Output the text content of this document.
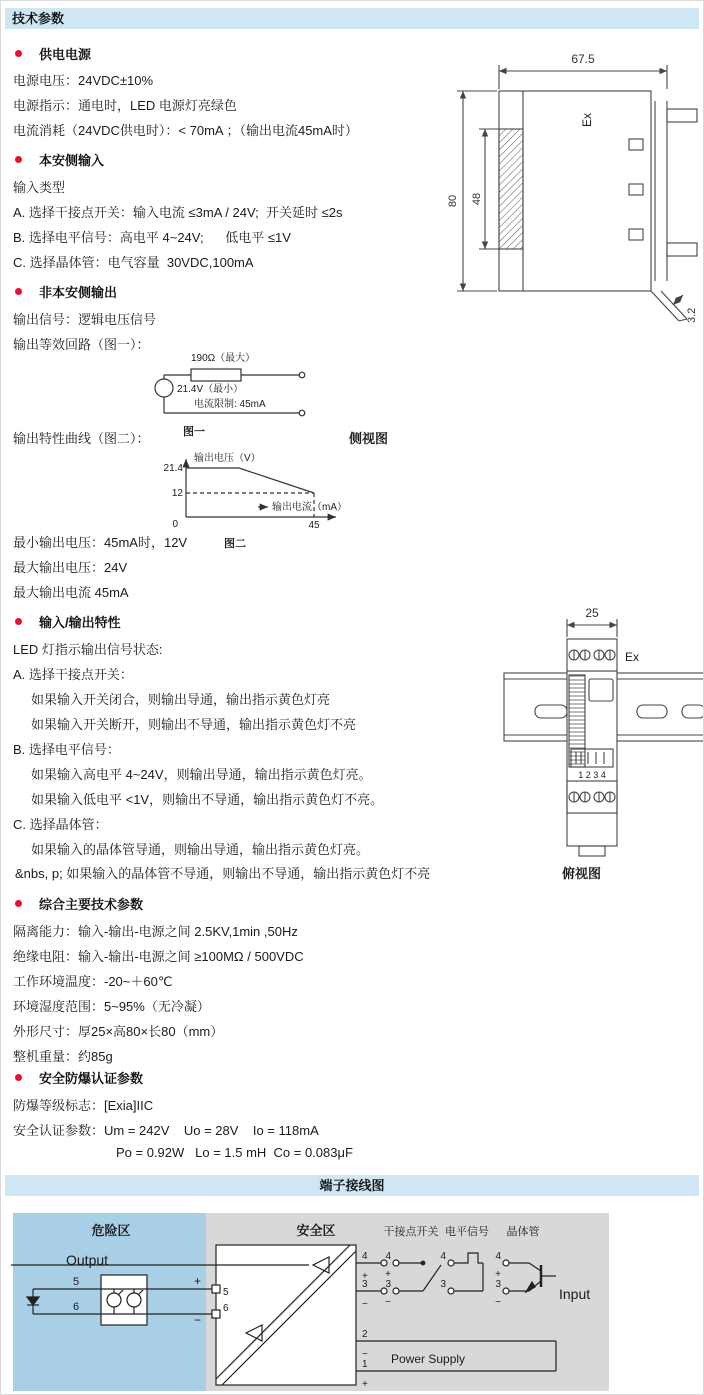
技术参数
供电电源
电源电压：24VDC±10%
电源指示：通电时，LED 电源灯亮绿色
电流消耗（24VDC供电时）：< 70mA ；（输出电流45mA时）
本安侧输入
输入类型
A. 选择干接点开关：输入电流 ≤3mA / 24V;  开关延时 ≤2s
B. 选择电平信号：高电平 4~24V;      低电平 ≤1V
C. 选择晶体管：电气容量  30VDC,100mA
非本安侧输出
输出信号：逻辑电压信号
输出等效回路（图一）：
190Ω（最大）
21.4V（最小）
电流限制: 45mA
图一
输出特性曲线（图二）：	侧视图
输出电压（V）
21.4
12
0	45
输出电流（mA）
图二
最小输出电压：45mA时，12V
最大输出电压：24V
最大输出电流 45mA
67.5
80 48
Ex
3.2
输入/输出特性
LED 灯指示输出信号状态:
A. 选择干接点开关：
如果输入开关闭合，则输出导通，输出指示黄色灯亮
如果输入开关断开，则输出不导通，输出指示黄色灯不亮
B. 选择电平信号：
如果输入高电平 4~24V，则输出导通，输出指示黄色灯亮。
如果输入低电平 <1V，则输出不导通，输出指示黄色灯不亮。
C. 选择晶体管：
如果输入的晶体管导通，则输出导通，输出指示黄色灯亮。
&nbs, p; 如果输入的晶体管不导通，则输出不导通，输出指示黄色灯不亮	俯视图
25
Ex
1 2 3 4
综合主要技术参数
隔离能力：输入-输出-电源之间 2.5KV,1min ,50Hz
绝缘电阻：输入-输出-电源之间 ≥100MΩ / 500VDC
工作环境温度：-20~＋60℃
环境湿度范围：5~95%（无冷凝）
外形尺寸：厚25×高80×长80（mm）
整机重量：约85g
安全防爆认证参数
防爆等级标志：[Exia]IIC
安全认证参数：Um = 242V    Uo = 28V    Io = 118mA
Po = 0.92W   Lo = 1.5 mH  Co = 0.083μF
端子接线图
危险区	安全区
Output
Input
Power Supply
干接点开关 电平信号 晶体管
5
6
+
−
5
6
4
+
3
−
2
−
1
+
4
+
3
−
4
3
4
+
3
−
